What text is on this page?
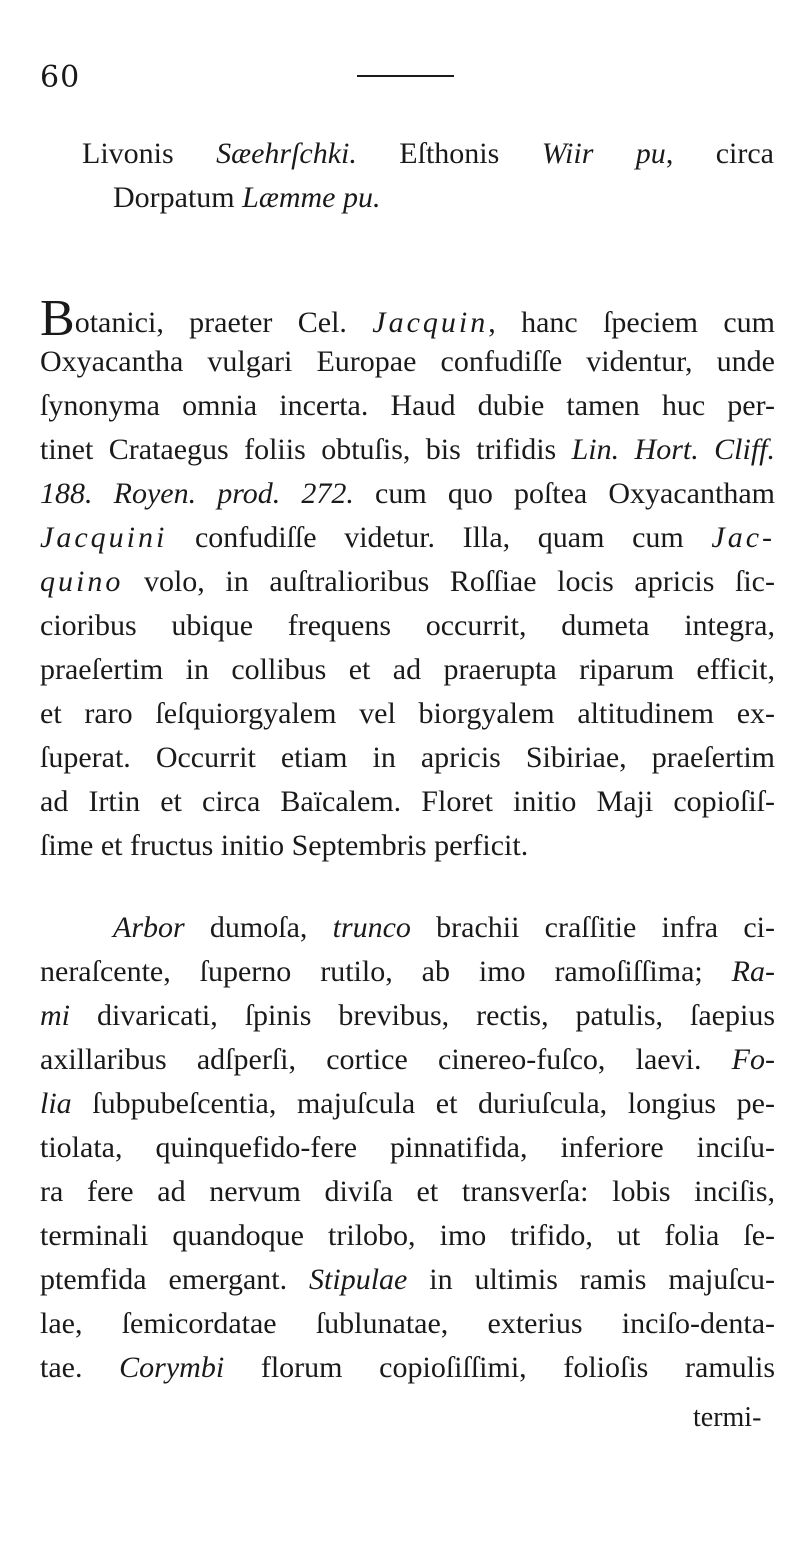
60
Livonis Sæehrſchki. Eſthonis Wiir pu, circa
Dorpatum Læmme pu.
Botanici, praeter Cel. Jacquin, hanc ſpeciem cum
Oxyacantha vulgari Europae confudiſſe videntur, unde
ſynonyma omnia incerta. Haud dubie tamen huc per-
tinet Crataegus foliis obtuſis, bis trifidis Lin. Hort. Cliff.
188. Royen. prod. 272. cum quo poſtea Oxyacantham
Jacquini confudiſſe videtur. Illa, quam cum Jac-
quino volo, in auſtralioribus Roſſiae locis apricis ſic-
cioribus ubique frequens occurrit, dumeta integra,
praeſertim in collibus et ad praerupta riparum efficit,
et raro ſeſquiorgyalem vel biorgyalem altitudinem ex-
ſuperat. Occurrit etiam in apricis Sibiriae, praeſertim
ad Irtin et circa Baïcalem. Floret initio Maji copioſiſ-
ſime et fructus initio Septembris perficit.
Arbor dumoſa, trunco brachii craſſitie infra ci-
neraſcente, ſuperno rutilo, ab imo ramoſiſſima; Ra-
mi divaricati, ſpinis brevibus, rectis, patulis, ſaepius
axillaribus adſperſi, cortice cinereo-fuſco, laevi. Fo-
lia ſubpubeſcentia, majuſcula et duriuſcula, longius pe-
tiolata, quinquefido-fere pinnatifida, inferiore inciſu-
ra fere ad nervum diviſa et transverſa: lobis inciſis,
terminali quandoque trilobo, imo trifido, ut folia ſe-
ptemfida emergant. Stipulae in ultimis ramis majuſcu-
lae, ſemicordatae ſublunatae, exterius inciſo-denta-
tae. Corymbi florum copioſiſſimi, folioſis ramulis
termi-
